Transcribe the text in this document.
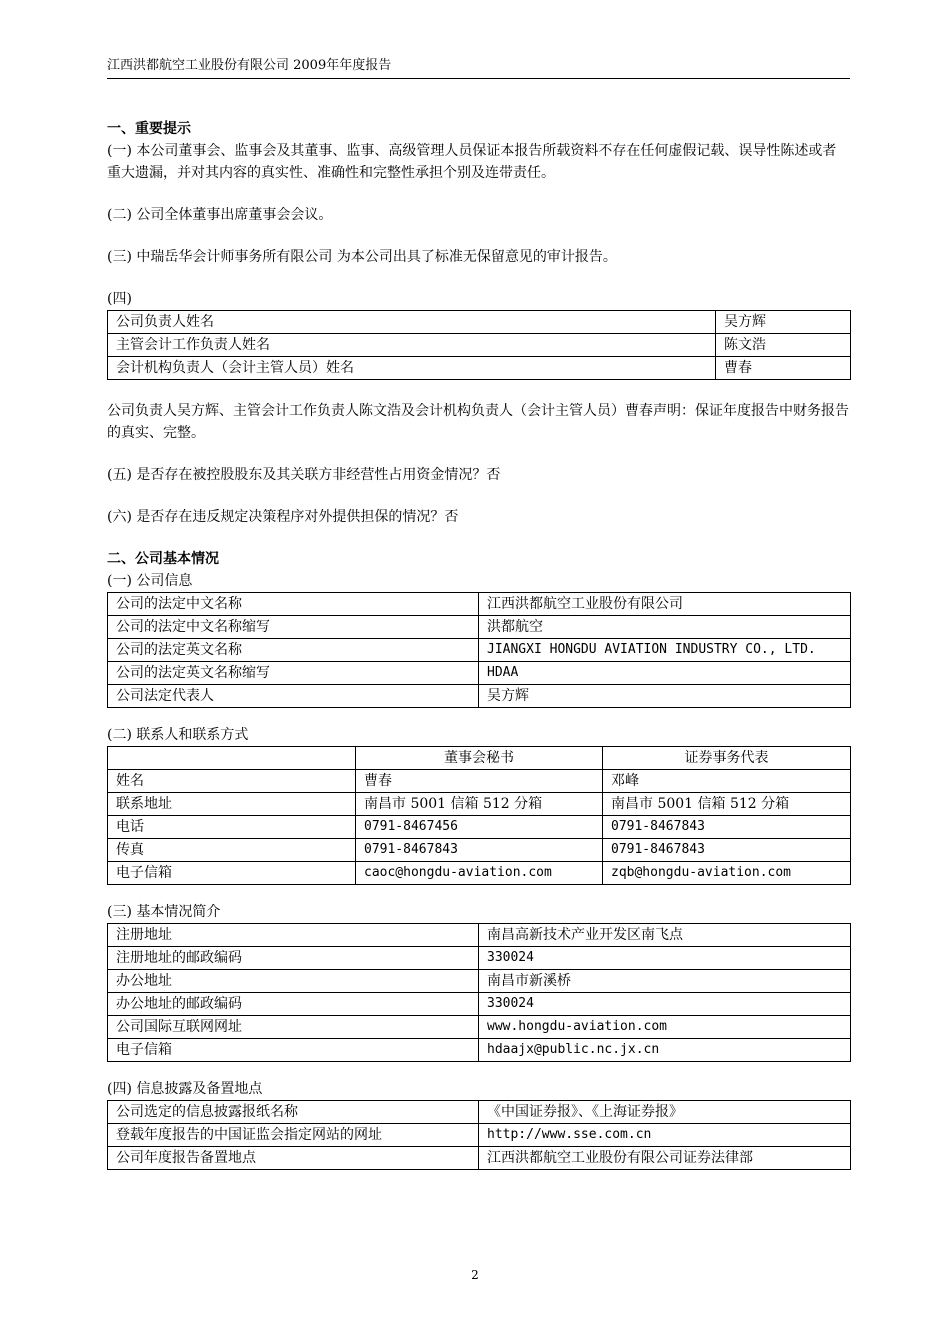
江西洪都航空工业股份有限公司 2009年年度报告

一、重要提示

(一) 本公司董事会、监事会及其董事、监事、高级管理人员保证本报告所载资料不存在任何虚假记载、误导性陈述或者重大遗漏，并对其内容的真实性、准确性和完整性承担个别及连带责任。

(二) 公司全体董事出席董事会会议。

(三) 中瑞岳华会计师事务所有限公司 为本公司出具了标准无保留意见的审计报告。

(四)

公司负责人姓名	吴方辉
主管会计工作负责人姓名	陈文浩
会计机构负责人（会计主管人员）姓名	曹春

公司负责人吴方辉、主管会计工作负责人陈文浩及会计机构负责人（会计主管人员）曹春声明：保证年度报告中财务报告的真实、完整。

(五) 是否存在被控股股东及其关联方非经营性占用资金情况？否

(六) 是否存在违反规定决策程序对外提供担保的情况？否

二、公司基本情况

(一) 公司信息

公司的法定中文名称	江西洪都航空工业股份有限公司
公司的法定中文名称缩写	洪都航空
公司的法定英文名称	JIANGXI HONGDU AVIATION INDUSTRY CO., LTD.
公司的法定英文名称缩写	HDAA
公司法定代表人	吴方辉

(二) 联系人和联系方式

	董事会秘书	证券事务代表
姓名	曹春	邓峰
联系地址	南昌市 5001 信箱 512 分箱	南昌市 5001 信箱 512 分箱
电话	0791-8467456	0791-8467843
传真	0791-8467843	0791-8467843
电子信箱	caoc@hongdu-aviation.com	zqb@hongdu-aviation.com

(三) 基本情况简介

注册地址	南昌高新技术产业开发区南飞点
注册地址的邮政编码	330024
办公地址	南昌市新溪桥
办公地址的邮政编码	330024
公司国际互联网网址	www.hongdu-aviation.com
电子信箱	hdaajx@public.nc.jx.cn

(四) 信息披露及备置地点

公司选定的信息披露报纸名称	《中国证券报》、《上海证券报》
登载年度报告的中国证监会指定网站的网址	http://www.sse.com.cn
公司年度报告备置地点	江西洪都航空工业股份有限公司证券法律部
2
